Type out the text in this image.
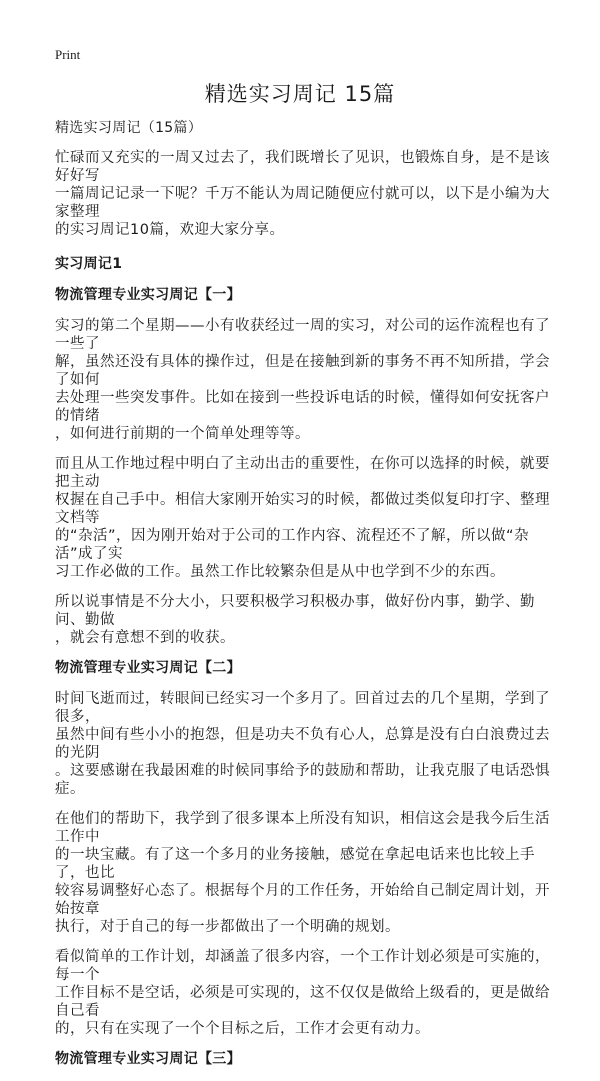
Print
精选实习周记 15篇
精选实习周记（15篇）
忙碌而又充实的一周又过去了，我们既增长了见识，也锻炼自身，是不是该好好写
一篇周记记录一下呢？千万不能认为周记随便应付就可以，以下是小编为大家整理
的实习周记10篇，欢迎大家分享。
实习周记1
物流管理专业实习周记【一】
实习的第二个星期——小有收获经过一周的实习，对公司的运作流程也有了一些了
解，虽然还没有具体的操作过，但是在接触到新的事务不再不知所措，学会了如何
去处理一些突发事件。比如在接到一些投诉电话的时候，懂得如何安抚客户的情绪
，如何进行前期的一个简单处理等等。
而且从工作地过程中明白了主动出击的重要性，在你可以选择的时候，就要把主动
权握在自己手中。相信大家刚开始实习的时候，都做过类似复印打字、整理文档等
的“杂活”，因为刚开始对于公司的工作内容、流程还不了解，所以做“杂活”成了实
习工作必做的工作。虽然工作比较繁杂但是从中也学到不少的东西。
所以说事情是不分大小，只要积极学习积极办事，做好份内事，勤学、勤问、勤做
，就会有意想不到的收获。
物流管理专业实习周记【二】
时间飞逝而过，转眼间已经实习一个多月了。回首过去的几个星期，学到了很多，
虽然中间有些小小的抱怨，但是功夫不负有心人，总算是没有白白浪费过去的光阴
。这要感谢在我最困难的时候同事给予的鼓励和帮助，让我克服了电话恐惧症。
在他们的帮助下，我学到了很多课本上所没有知识，相信这会是我今后生活工作中
的一块宝藏。有了这一个多月的业务接触，感觉在拿起电话来也比较上手了，也比
较容易调整好心态了。根据每个月的工作任务，开始给自己制定周计划，开始按章
执行，对于自己的每一步都做出了一个明确的规划。
看似简单的工作计划，却涵盖了很多内容，一个工作计划必须是可实施的，每一个
工作目标不是空话，必须是可实现的，这不仅仅是做给上级看的，更是做给自己看
的，只有在实现了一个个目标之后，工作才会更有动力。
物流管理专业实习周记【三】
